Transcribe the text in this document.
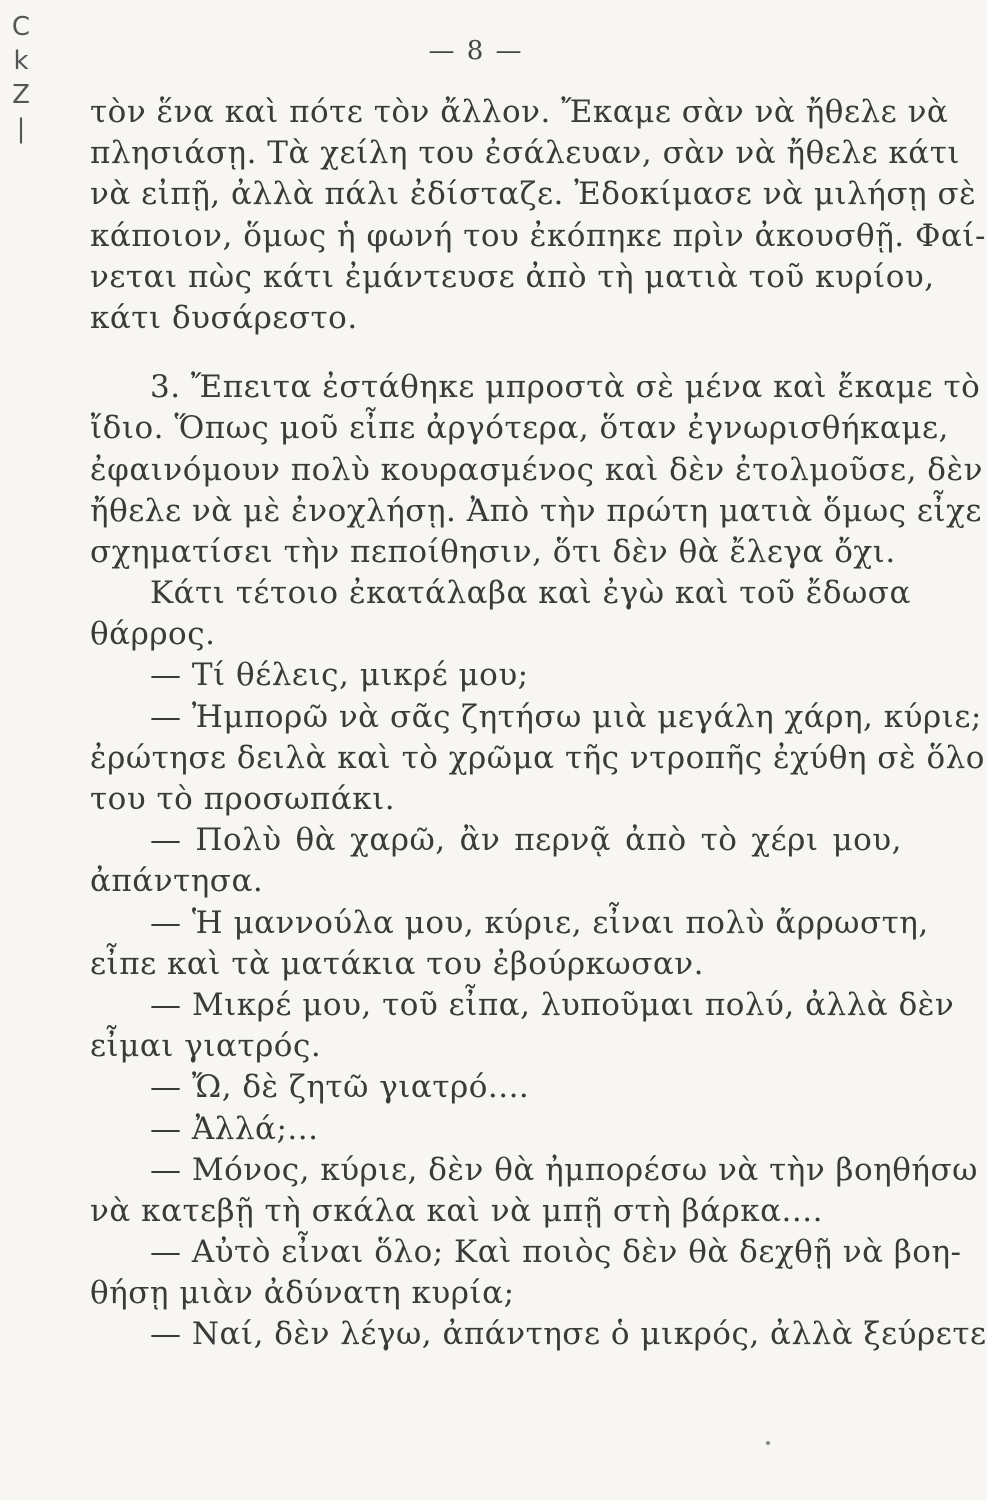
C
k
Z
|
— 8 —
τὸν ἕνα καὶ πότε τὸν ἄλλον. Ἔκαμε σὰν νὰ ἤθελε νὰ
πλησιάσῃ. Τὰ χείλη του ἐσάλευαν, σὰν νὰ ἤθελε κάτι
νὰ εἰπῇ, ἀλλὰ πάλι ἐδίσταζε. Ἐδοκίμασε νὰ μιλήσῃ σὲ
κάποιον, ὅμως ἡ φωνή του ἐκόπηκε πρὶν ἀκουσθῇ. Φαί-
νεται πὼς κάτι ἐμάντευσε ἀπὸ τὴ ματιὰ τοῦ κυρίου,
κάτι δυσάρεστο.
3. Ἔπειτα ἐστάθηκε μπροστὰ σὲ μένα καὶ ἔκαμε τὸ
ἴδιο. Ὅπως μοῦ εἶπε ἀργότερα, ὅταν ἐγνωρισθήκαμε,
ἐφαινόμουν πολὺ κουρασμένος καὶ δὲν ἐτολμοῦσε, δὲν
ἤθελε νὰ μὲ ἐνοχλήσῃ. Ἀπὸ τὴν πρώτη ματιὰ ὅμως εἶχε
σχηματίσει τὴν πεποίθησιν, ὅτι δὲν θὰ ἔλεγα ὄχι.
Κάτι τέτοιο ἐκατάλαβα καὶ ἐγὼ καὶ τοῦ ἔδωσα
θάρρος.
— Τί θέλεις, μικρέ μου;
— Ἠμπορῶ νὰ σᾶς ζητήσω μιὰ μεγάλη χάρη, κύριε;
ἐρώτησε δειλὰ καὶ τὸ χρῶμα τῆς ντροπῆς ἐχύθη σὲ ὅλο
του τὸ προσωπάκι.
— Πολὺ θὰ χαρῶ, ἂν περνᾷ ἀπὸ τὸ χέρι μου,
ἀπάντησα.
— Ἡ μαννούλα μου, κύριε, εἶναι πολὺ ἄρρωστη,
εἶπε καὶ τὰ ματάκια του ἐβούρκωσαν.
— Μικρέ μου, τοῦ εἶπα, λυποῦμαι πολύ, ἀλλὰ δὲν
εἶμαι γιατρός.
— Ὤ, δὲ ζητῶ γιατρό....
— Ἀλλά;...
— Μόνος, κύριε, δὲν θὰ ἠμπορέσω νὰ τὴν βοηθήσω
νὰ κατεβῇ τὴ σκάλα καὶ νὰ μπῇ στὴ βάρκα....
— Αὐτὸ εἶναι ὅλο; Καὶ ποιὸς δὲν θὰ δεχθῇ νὰ βοη-
θήσῃ μιὰν ἀδύνατη κυρία;
— Ναί, δὲν λέγω, ἀπάντησε ὁ μικρός, ἀλλὰ ξεύρετε
